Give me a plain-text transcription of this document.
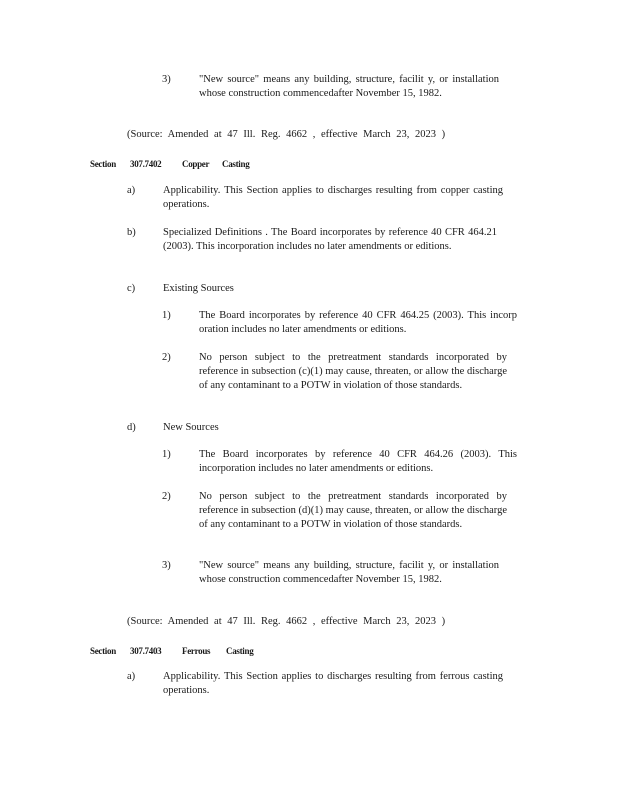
3)	"New source" means any building, structure, facilit y, or installation whose construction commencedafter November 15, 1982.
(Source: Amended at 47 Ill. Reg. 4662 , effective March 23, 2023 )
Section	307.7402	Copper	Casting
a)	Applicability. This Section applies to discharges resulting from copper casting operations.
b)	Specialized Definitions . The Board incorporates by reference 40 CFR 464.21 (2003). This incorporation includes no later amendments or editions.
c)	Existing Sources
1)	The Board incorporates by reference 40 CFR 464.25 (2003). This incorp oration includes no later amendments or editions.
2)	No person subject to the pretreatment standards incorporated by reference in subsection (c)(1) may cause, threaten, or allow the discharge of any contaminant to a POTW in violation of those standards.
d)	New Sources
1)	The Board incorporates by reference 40 CFR 464.26 (2003). This incorporation includes no later amendments or editions.
2)	No person subject to the pretreatment standards incorporated by reference in subsection (d)(1) may cause, threaten, or allow the discharge of any contaminant to a POTW in violation of those standards.
3)	"New source" means any building, structure, facilit y, or installation whose construction commencedafter November 15, 1982.
(Source: Amended at 47 Ill. Reg. 4662 , effective March 23, 2023 )
Section	307.7403	Ferrous	Casting
a)	Applicability. This Section applies to discharges resulting from ferrous casting operations.
